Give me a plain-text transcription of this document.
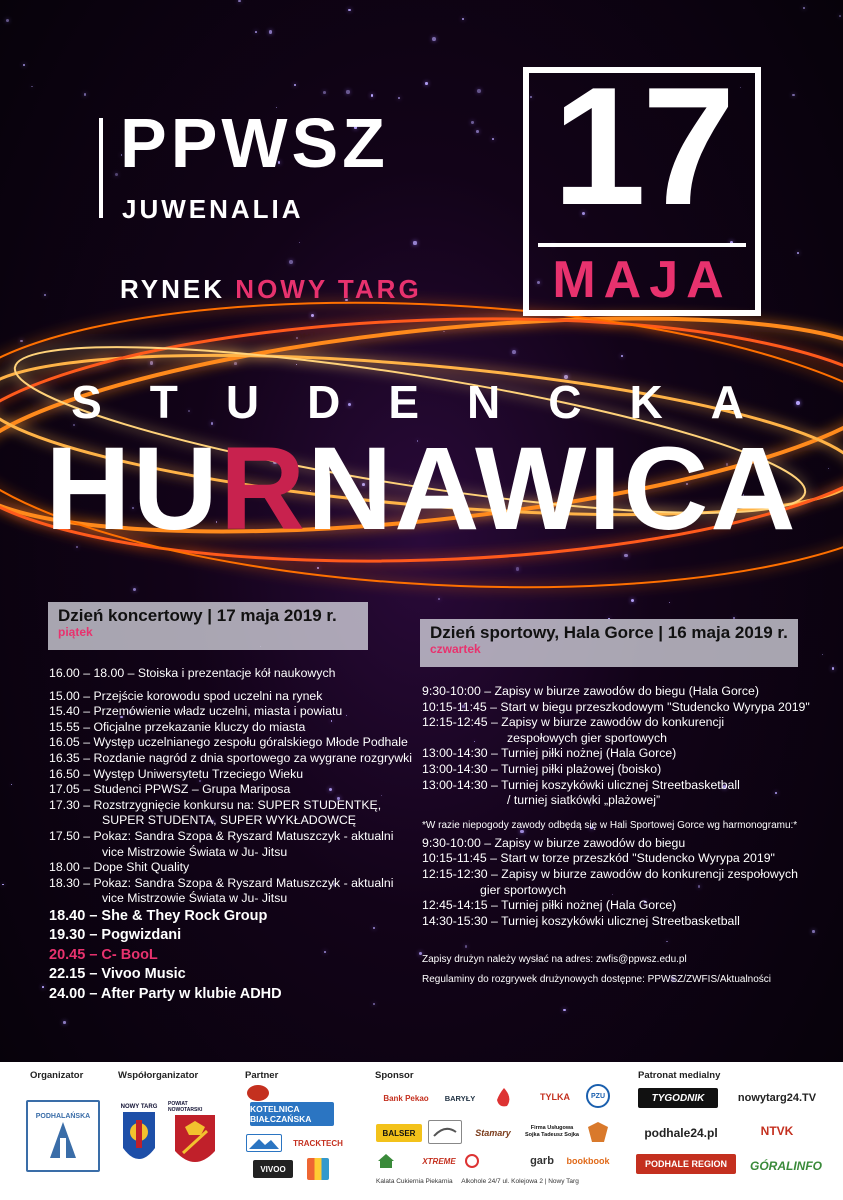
PPWSZ
JUWENALIA
RYNEK NOWY TARG
17
MAJA
STUDENCKA
HURNAWICA
Dzień koncertowy | 17 maja 2019 r.
piątek
16.00 – 18.00 – Stoiska i prezentacje kół naukowych
15.00 – Przejście korowodu spod uczelni na rynek
15.40 – Przemówienie władz uczelni, miasta i powiatu
15.55 – Oficjalne przekazanie kluczy do miasta
16.05 – Występ uczelnianego zespołu góralskiego Młode Podhale
16.35 – Rozdanie nagród z dnia sportowego za wygrane rozgrywki
16.50 – Występ Uniwersytetu Trzeciego Wieku
17.05 – Studenci PPWSZ – Grupa Mariposa
17.30 – Rozstrzygnięcie konkursu na: SUPER STUDENTKĘ,
SUPER STUDENTA, SUPER WYKŁADOWCĘ
17.50 – Pokaz: Sandra Szopa & Ryszard Matuszczyk - aktualni
vice Mistrzowie Świata w Ju- Jitsu
18.00 – Dope Shit Quality
18.30 – Pokaz: Sandra Szopa & Ryszard Matuszczyk - aktualni
vice Mistrzowie Świata w Ju- Jitsu
18.40 – She & They Rock Group
19.30 – Pogwizdani
20.45 – C- BooL
22.15 – Vivoo Music
24.00 – After Party w klubie ADHD
Dzień sportowy, Hala Gorce | 16 maja 2019 r.
czwartek
9:30-10:00 – Zapisy w biurze zawodów do biegu (Hala Gorce)
10:15-11:45 – Start w biegu przeszkodowym "Studencko Wyrypa 2019"
12:15-12:45 – Zapisy w biurze zawodów do konkurencji
zespołowych gier sportowych
13:00-14:30 – Turniej piłki nożnej (Hala Gorce)
13:00-14:30 – Turniej piłki plażowej (boisko)
13:00-14:30 – Turniej koszykówki ulicznej Streetbasketball
/ turniej siatkówki „plażowej”
*W razie niepogody zawody odbędą się w Hali Sportowej Gorce wg harmonogramu:*
9:30-10:00 – Zapisy w biurze zawodów do biegu
10:15-11:45 – Start w torze przeszkód "Studencko Wyrypa 2019"
12:15-12:30 – Zapisy w biurze zawodów do konkurencji zespołowych
gier sportowych
12:45-14:15 – Turniej piłki nożnej (Hala Gorce)
14:30-15:30 – Turniej koszykówki ulicznej Streetbasketball
Zapisy drużyn należy wysłać na adres: zwfis@ppwsz.edu.pl
Regulaminy do rozgrywek drużynowych dostępne: PPWSZ/ZWFIS/Aktualności
Organizator	Współorganizator	Partner	Sponsor	Patronat medialny
PODHALAŃSKA
NOWY TARG POWIAT NOWOTARSKI	KOTELNICA BIAŁCZAŃSKA
TRACKTECH
VIVOO
Bank Pekao	BARYŁY	TYLKA	PZU
BALSER	Stamary	Firma Usługowa Sojka Tadeusz Sojka
XTREME	garb	bookbook
Kalata Cukiernia Piekarnia     Alkohole 24/7 ul. Kolejowa 2 | Nowy Targ
TYGODNIK	nowytarg24.TV
podhale24.pl	NTVK
PODHALE REGION	GÓRALINFO
